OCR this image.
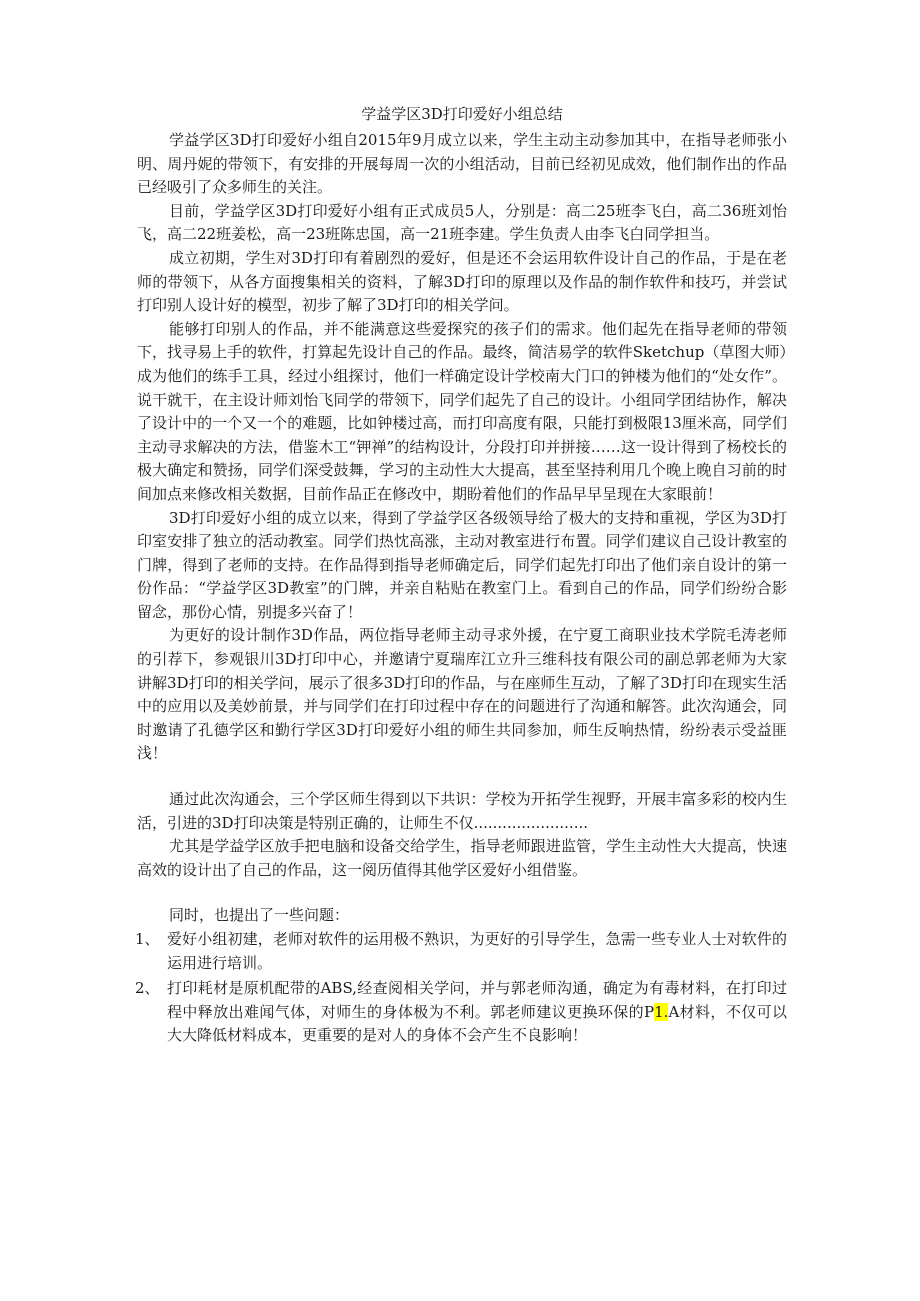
学益学区3D打印爱好小组总结

学益学区3D打印爱好小组自2015年9月成立以来，学生主动主动参加其中，在指导老师张小明、周丹妮的带领下，有安排的开展每周一次的小组活动，目前已经初见成效，他们制作出的作品已经吸引了众多师生的关注。

目前，学益学区3D打印爱好小组有正式成员5人，分别是：高二25班李飞白，高二36班刘怡飞，高二22班姜松，高一23班陈忠国，高一21班李建。学生负责人由李飞白同学担当。

成立初期，学生对3D打印有着剧烈的爱好，但是还不会运用软件设计自己的作品，于是在老师的带领下，从各方面搜集相关的资料，了解3D打印的原理以及作品的制作软件和技巧，并尝试打印别人设计好的模型，初步了解了3D打印的相关学问。

能够打印别人的作品，并不能满意这些爱探究的孩子们的需求。他们起先在指导老师的带领下，找寻易上手的软件，打算起先设计自己的作品。最终，简洁易学的软件Sketchup（草图大师）成为他们的练手工具，经过小组探讨，他们一样确定设计学校南大门口的钟楼为他们的“处女作”。说干就干，在主设计师刘怡飞同学的带领下，同学们起先了自己的设计。小组同学团结协作，解决了设计中的一个又一个的难题，比如钟楼过高，而打印高度有限，只能打到极限13厘米高，同学们主动寻求解决的方法，借鉴木工“钾禅”的结构设计，分段打印并拼接……这一设计得到了杨校长的极大确定和赞扬，同学们深受鼓舞，学习的主动性大大提高，甚至坚持利用几个晚上晚自习前的时间加点来修改相关数据，目前作品正在修改中，期盼着他们的作品早早呈现在大家眼前！

3D打印爱好小组的成立以来，得到了学益学区各级领导给了极大的支持和重视，学区为3D打印室安排了独立的活动教室。同学们热忱高涨，主动对教室进行布置。同学们建议自己设计教室的门牌，得到了老师的支持。在作品得到指导老师确定后，同学们起先打印出了他们亲自设计的第一份作品：“学益学区3D教室”的门牌，并亲自粘贴在教室门上。看到自己的作品，同学们纷纷合影留念，那份心情，别提多兴奋了！

为更好的设计制作3D作品，两位指导老师主动寻求外援，在宁夏工商职业技术学院毛涛老师的引荐下，参观银川3D打印中心，并邀请宁夏瑞库江立升三维科技有限公司的副总郭老师为大家讲解3D打印的相关学问，展示了很多3D打印的作品，与在座师生互动，了解了3D打印在现实生活中的应用以及美妙前景，并与同学们在打印过程中存在的问题进行了沟通和解答。此次沟通会，同时邀请了孔德学区和勤行学区3D打印爱好小组的师生共同参加，师生反响热情，纷纷表示受益匪浅！

通过此次沟通会，三个学区师生得到以下共识：学校为开拓学生视野，开展丰富多彩的校内生活，引进的3D打印决策是特别正确的，让师生不仅........................

尤其是学益学区放手把电脑和设备交给学生，指导老师跟进监管，学生主动性大大提高，快速高效的设计出了自己的作品，这一阅历值得其他学区爱好小组借鉴。

同时，也提出了一些问题：

1、 爱好小组初建，老师对软件的运用极不熟识，为更好的引导学生，急需一些专业人士对软件的运用进行培训。
2、 打印耗材是原机配带的ABS,经查阅相关学问，并与郭老师沟通，确定为有毒材料，在打印过程中释放出难闻气体，对师生的身体极为不利。郭老师建议更换环保的P1.A材料，不仅可以大大降低材料成本，更重要的是对人的身体不会产生不良影响！
